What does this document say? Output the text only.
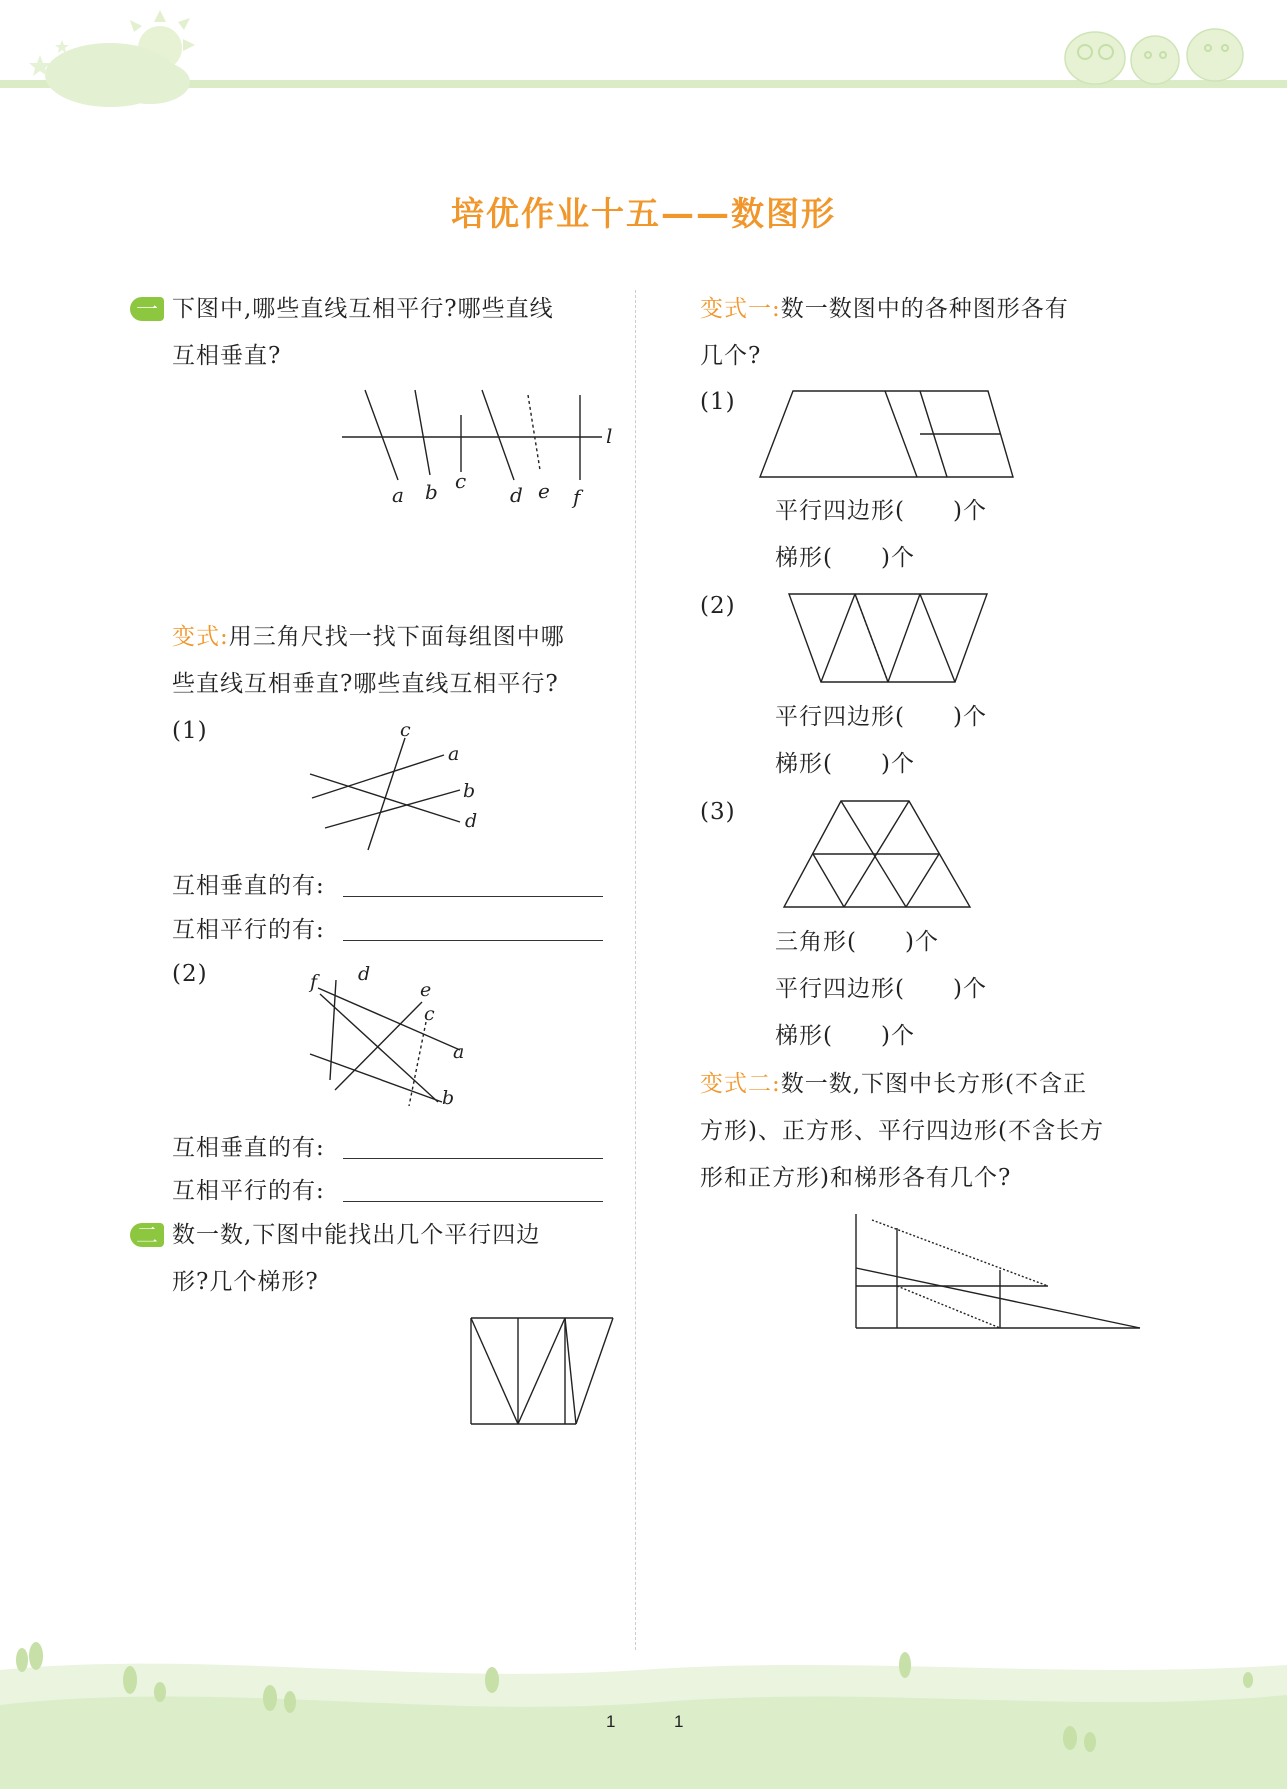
培优作业十五——数图形
一 下图中,哪些直线互相平行?哪些直线
互相垂直?
a b c
d e f
l
变式:用三角尺找一找下面每组图中哪
些直线互相垂直?哪些直线互相平行?
(1)	c
a
b
d
互相垂直的有:
互相平行的有:
(2)	f d
e
c
a
b
互相垂直的有:
互相平行的有:
二 数一数,下图中能找出几个平行四边
形?几个梯形?
变式一:数一数图中的各种图形各有
几个?
(1)
平行四边形(　　)个
梯形(　　)个
(2)
平行四边形(　　)个
梯形(　　)个
(3)
三角形(　　)个
平行四边形(　　)个
梯形(　　)个
变式二:数一数,下图中长方形(不含正
方形)、正方形、平行四边形(不含长方
形和正方形)和梯形各有几个?
1	1
